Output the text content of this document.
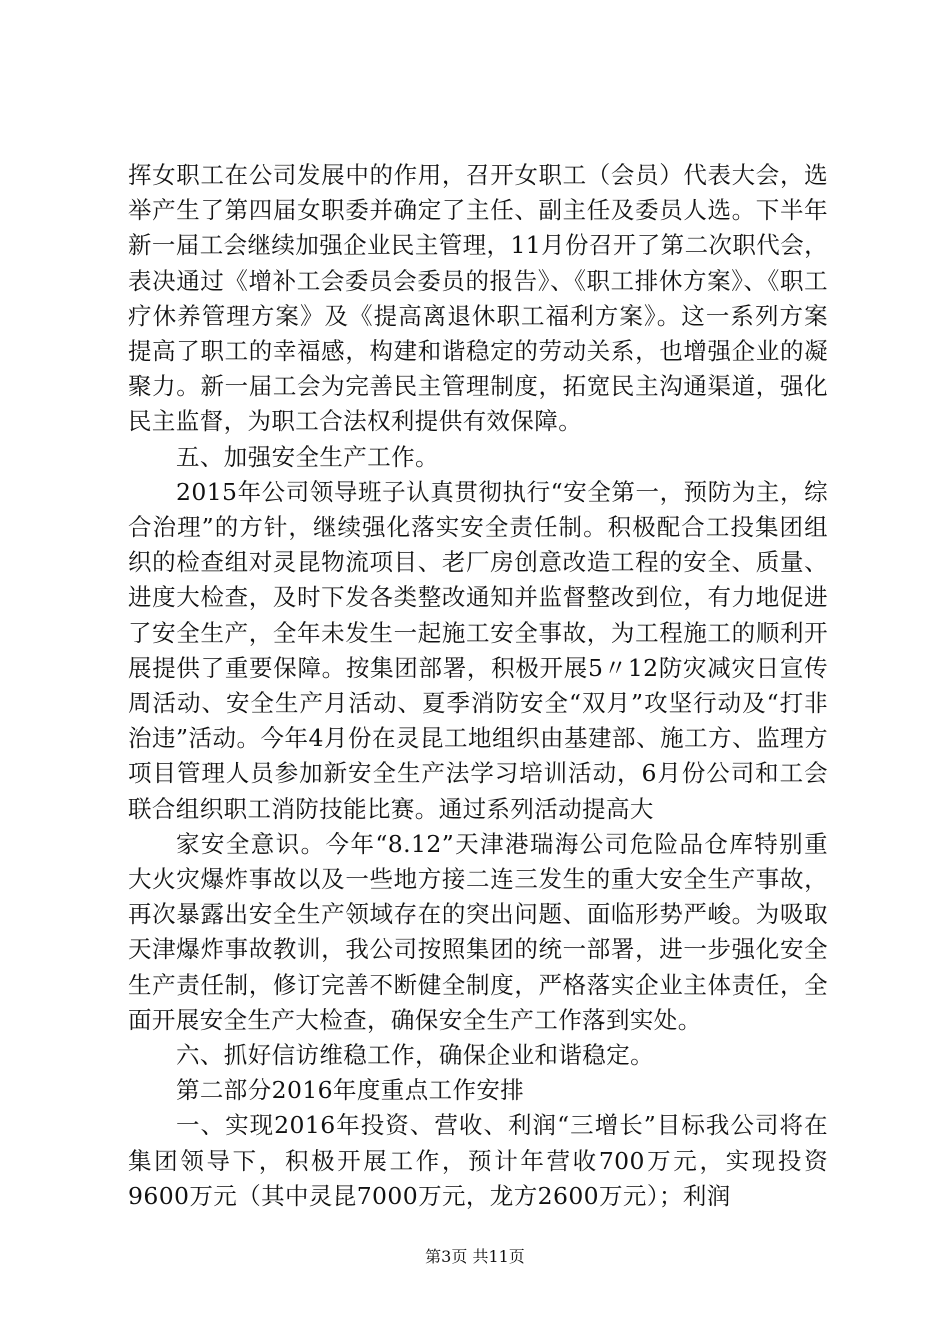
挥女职工在公司发展中的作用，召开女职工（会员）代表大会，选举产生了第四届女职委并确定了主任、副主任及委员人选。下半年新一届工会继续加强企业民主管理，11月份召开了第二次职代会，表决通过《增补工会委员会委员的报告》、《职工排休方案》、《职工疗休养管理方案》及《提高离退休职工福利方案》。这一系列方案提高了职工的幸福感，构建和谐稳定的劳动关系，也增强企业的凝聚力。新一届工会为完善民主管理制度，拓宽民主沟通渠道，强化民主监督，为职工合法权利提供有效保障。

五、加强安全生产工作。

2015年公司领导班子认真贯彻执行“安全第一，预防为主，综合治理”的方针，继续强化落实安全责任制。积极配合工投集团组织的检查组对灵昆物流项目、老厂房创意改造工程的安全、质量、进度大检查，及时下发各类整改通知并监督整改到位，有力地促进了安全生产，全年未发生一起施工安全事故，为工程施工的顺利开展提供了重要保障。按集团部署，积极开展5〃12防灾减灾日宣传周活动、安全生产月活动、夏季消防安全“双月”攻坚行动及“打非治违”活动。今年4月份在灵昆工地组织由基建部、施工方、监理方项目管理人员参加新安全生产法学习培训活动，6月份公司和工会联合组织职工消防技能比赛。通过系列活动提高大

家安全意识。今年“8.12”天津港瑞海公司危险品仓库特别重大火灾爆炸事故以及一些地方接二连三发生的重大安全生产事故，再次暴露出安全生产领域存在的突出问题、面临形势严峻。为吸取天津爆炸事故教训，我公司按照集团的统一部署，进一步强化安全生产责任制，修订完善不断健全制度，严格落实企业主体责任，全面开展安全生产大检查，确保安全生产工作落到实处。

六、抓好信访维稳工作，确保企业和谐稳定。

第二部分2016年度重点工作安排

一、实现2016年投资、营收、利润“三增长”目标我公司将在集团领导下，积极开展工作，预计年营收700万元，实现投资9600万元（其中灵昆7000万元，龙方2600万元）；利润

第3页 共11页
